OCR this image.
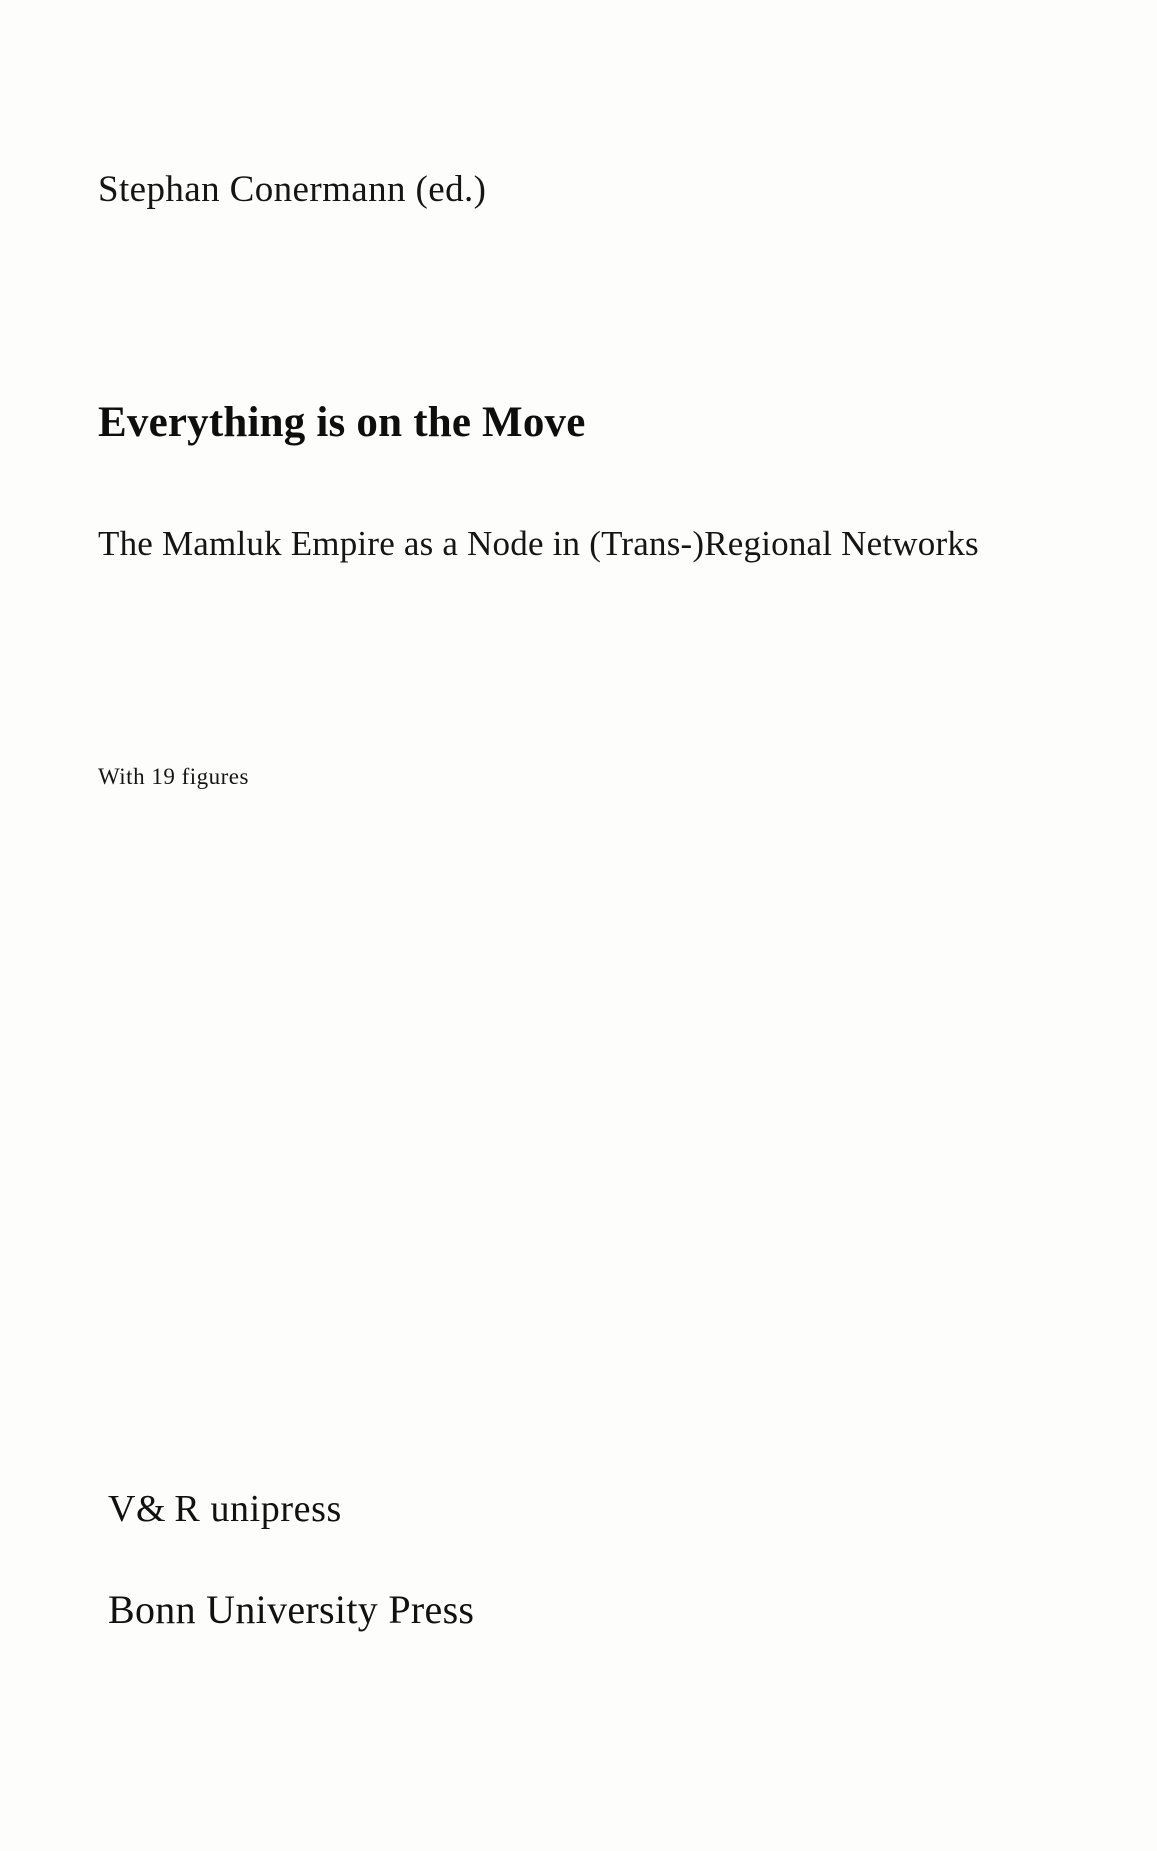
Stephan Conermann (ed.)
Everything is on the Move
The Mamluk Empire as a Node in (Trans-)Regional Networks
With 19 figures
V& R unipress
Bonn University Press
